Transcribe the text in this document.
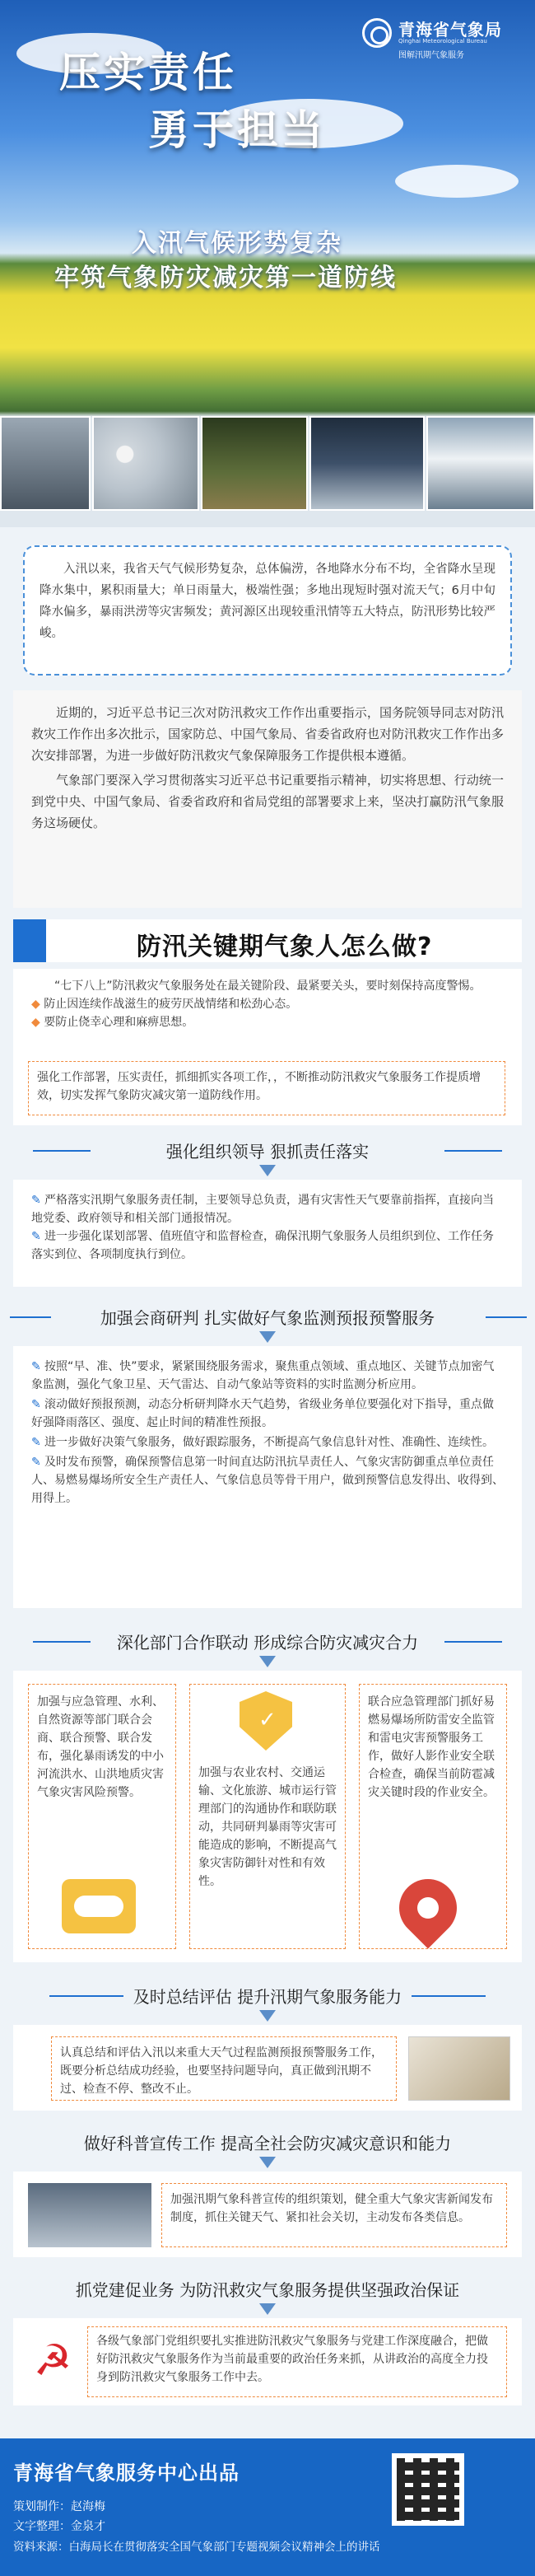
青海省气象局
Qinghai Meteorological Bureau
图解汛期气象服务
压实责任
勇于担当
入汛气候形势复杂
牢筑气象防灾减灾第一道防线

入汛以来，我省天气气候形势复杂，总体偏涝，各地降水分布不均，全省降水呈现降水集中，累积雨量大；单日雨量大，极端性强；多地出现短时强对流天气；6月中旬降水偏多，暴雨洪涝等灾害频发；黄河源区出现较重汛情等五大特点，防汛形势比较严峻。

近期的，习近平总书记三次对防汛救灾工作作出重要指示，国务院领导同志对防汛救灾工作作出多次批示，国家防总、中国气象局、省委省政府也对防汛救灾工作作出多次安排部署，为进一步做好防汛救灾气象保障服务工作提供根本遵循。

气象部门要深入学习贯彻落实习近平总书记重要指示精神，切实将思想、行动统一到党中央、中国气象局、省委省政府和省局党组的部署要求上来，坚决打赢防汛气象服务这场硬仗。

防汛关键期气象人怎么做?

“七下八上”防汛救灾气象服务处在最关键阶段、最紧要关头，要时刻保持高度警惕。

◆ 防止因连续作战滋生的疲劳厌战情绪和松劲心态。
◆ 要防止侥幸心理和麻痹思想。

强化工作部署，压实责任，抓细抓实各项工作，，不断推动防汛救灾气象服务工作提质增效，切实发挥气象防灾减灾第一道防线作用。

强化组织领导 狠抓责任落实
✎ 严格落实汛期气象服务责任制，主要领导总负责，遇有灾害性天气要靠前指挥，直接向当地党委、政府领导和相关部门通报情况。
✎ 进一步强化谋划部署、值班值守和监督检查，确保汛期气象服务人员组织到位、工作任务落实到位、各项制度执行到位。
加强会商研判 扎实做好气象监测预报预警服务
✎ 按照“早、准、快”要求，紧紧围绕服务需求，聚焦重点领域、重点地区、关键节点加密气象监测，强化气象卫星、天气雷达、自动气象站等资料的实时监测分析应用。
✎ 滚动做好预报预测，动态分析研判降水天气趋势，省级业务单位要强化对下指导，重点做好强降雨落区、强度、起止时间的精准性预报。
✎ 进一步做好决策气象服务，做好跟踪服务，不断提高气象信息针对性、准确性、连续性。
✎ 及时发布预警，确保预警信息第一时间直达防汛抗旱责任人、气象灾害防御重点单位责任人、易燃易爆场所安全生产责任人、气象信息员等骨干用户，做到预警信息发得出、收得到、用得上。
深化部门合作联动 形成综合防灾减灾合力

加强与应急管理、水利、自然资源等部门联合会商、联合预警、联合发布，强化暴雨诱发的中小河流洪水、山洪地质灾害气象灾害风险预警。

✓

加强与农业农村、交通运输、文化旅游、城市运行管理部门的沟通协作和联防联动，共同研判暴雨等灾害可能造成的影响，不断提高气象灾害防御针对性和有效性。

联合应急管理部门抓好易燃易爆场所防雷安全监管和雷电灾害预警服务工作，做好人影作业安全联合检查，确保当前防雹减灾关键时段的作业安全。

及时总结评估 提升汛期气象服务能力

认真总结和评估入汛以来重大天气过程监测预报预警服务工作，既要分析总结成功经验，也要坚持问题导向，真正做到汛期不过、检查不停、整改不止。

做好科普宣传工作 提高全社会防灾减灾意识和能力

加强汛期气象科普宣传的组织策划，健全重大气象灾害新闻发布制度，抓住关键天气、紧扣社会关切，主动发布各类信息。

抓党建促业务 为防汛救灾气象服务提供坚强政治保证
☭	各级气象部门党组织要扎实推进防汛救灾气象服务与党建工作深度融合，把做好防汛救灾气象服务作为当前最重要的政治任务来抓，从讲政治的高度全力投身到防汛救灾气象服务工作中去。

青海省气象服务中心出品
策划制作：赵海梅
文字整理：金泉才
资料来源：白海局长在贯彻落实全国气象部门专题视频会议精神会上的讲话
